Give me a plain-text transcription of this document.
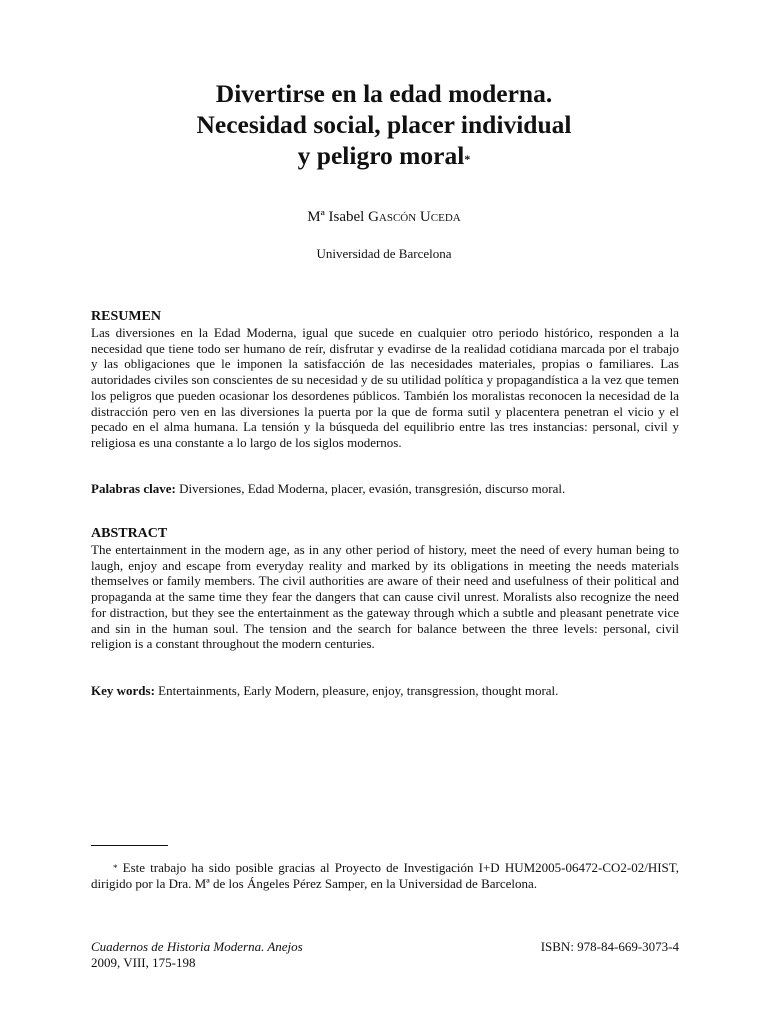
Divertirse en la edad moderna.
Necesidad social, placer individual
y peligro moral*
Mª Isabel Gascón Uceda
Universidad de Barcelona
RESUMEN
Las diversiones en la Edad Moderna, igual que sucede en cualquier otro periodo histórico, responden a la necesidad que tiene todo ser humano de reír, disfrutar y evadirse de la realidad cotidiana marcada por el trabajo y las obligaciones que le imponen la satisfacción de las necesidades materiales, propias o familiares. Las autoridades civiles son conscientes de su necesidad y de su utilidad política y propagandística a la vez que temen los peligros que pueden ocasionar los desordenes públicos. También los moralistas reconocen la necesidad de la distracción pero ven en las diversiones la puerta por la que de forma sutil y placentera penetran el vicio y el pecado en el alma humana. La tensión y la búsqueda del equilibrio entre las tres instancias: personal, civil y religiosa es una constante a lo largo de los siglos modernos.
Palabras clave: Diversiones, Edad Moderna, placer, evasión, transgresión, discurso moral.
ABSTRACT
The entertainment in the modern age, as in any other period of history, meet the need of every human being to laugh, enjoy and escape from everyday reality and marked by its obligations in meeting the needs materials themselves or family members. The civil authorities are aware of their need and usefulness of their political and propaganda at the same time they fear the dangers that can cause civil unrest. Moralists also recognize the need for distraction, but they see the entertainment as the gateway through which a subtle and pleasant penetrate vice and sin in the human soul. The tension and the search for balance between the three levels: personal, civil religion is a constant throughout the modern centuries.
Key words: Entertainments, Early Modern, pleasure, enjoy, transgression, thought moral.
* Este trabajo ha sido posible gracias al Proyecto de Investigación I+D HUM2005-06472-CO2-02/HIST, dirigido por la Dra. Mª de los Ángeles Pérez Samper, en la Universidad de Barcelona.
Cuadernos de Historia Moderna. Anejos
2009, VIII, 175-198
ISBN: 978-84-669-3073-4
